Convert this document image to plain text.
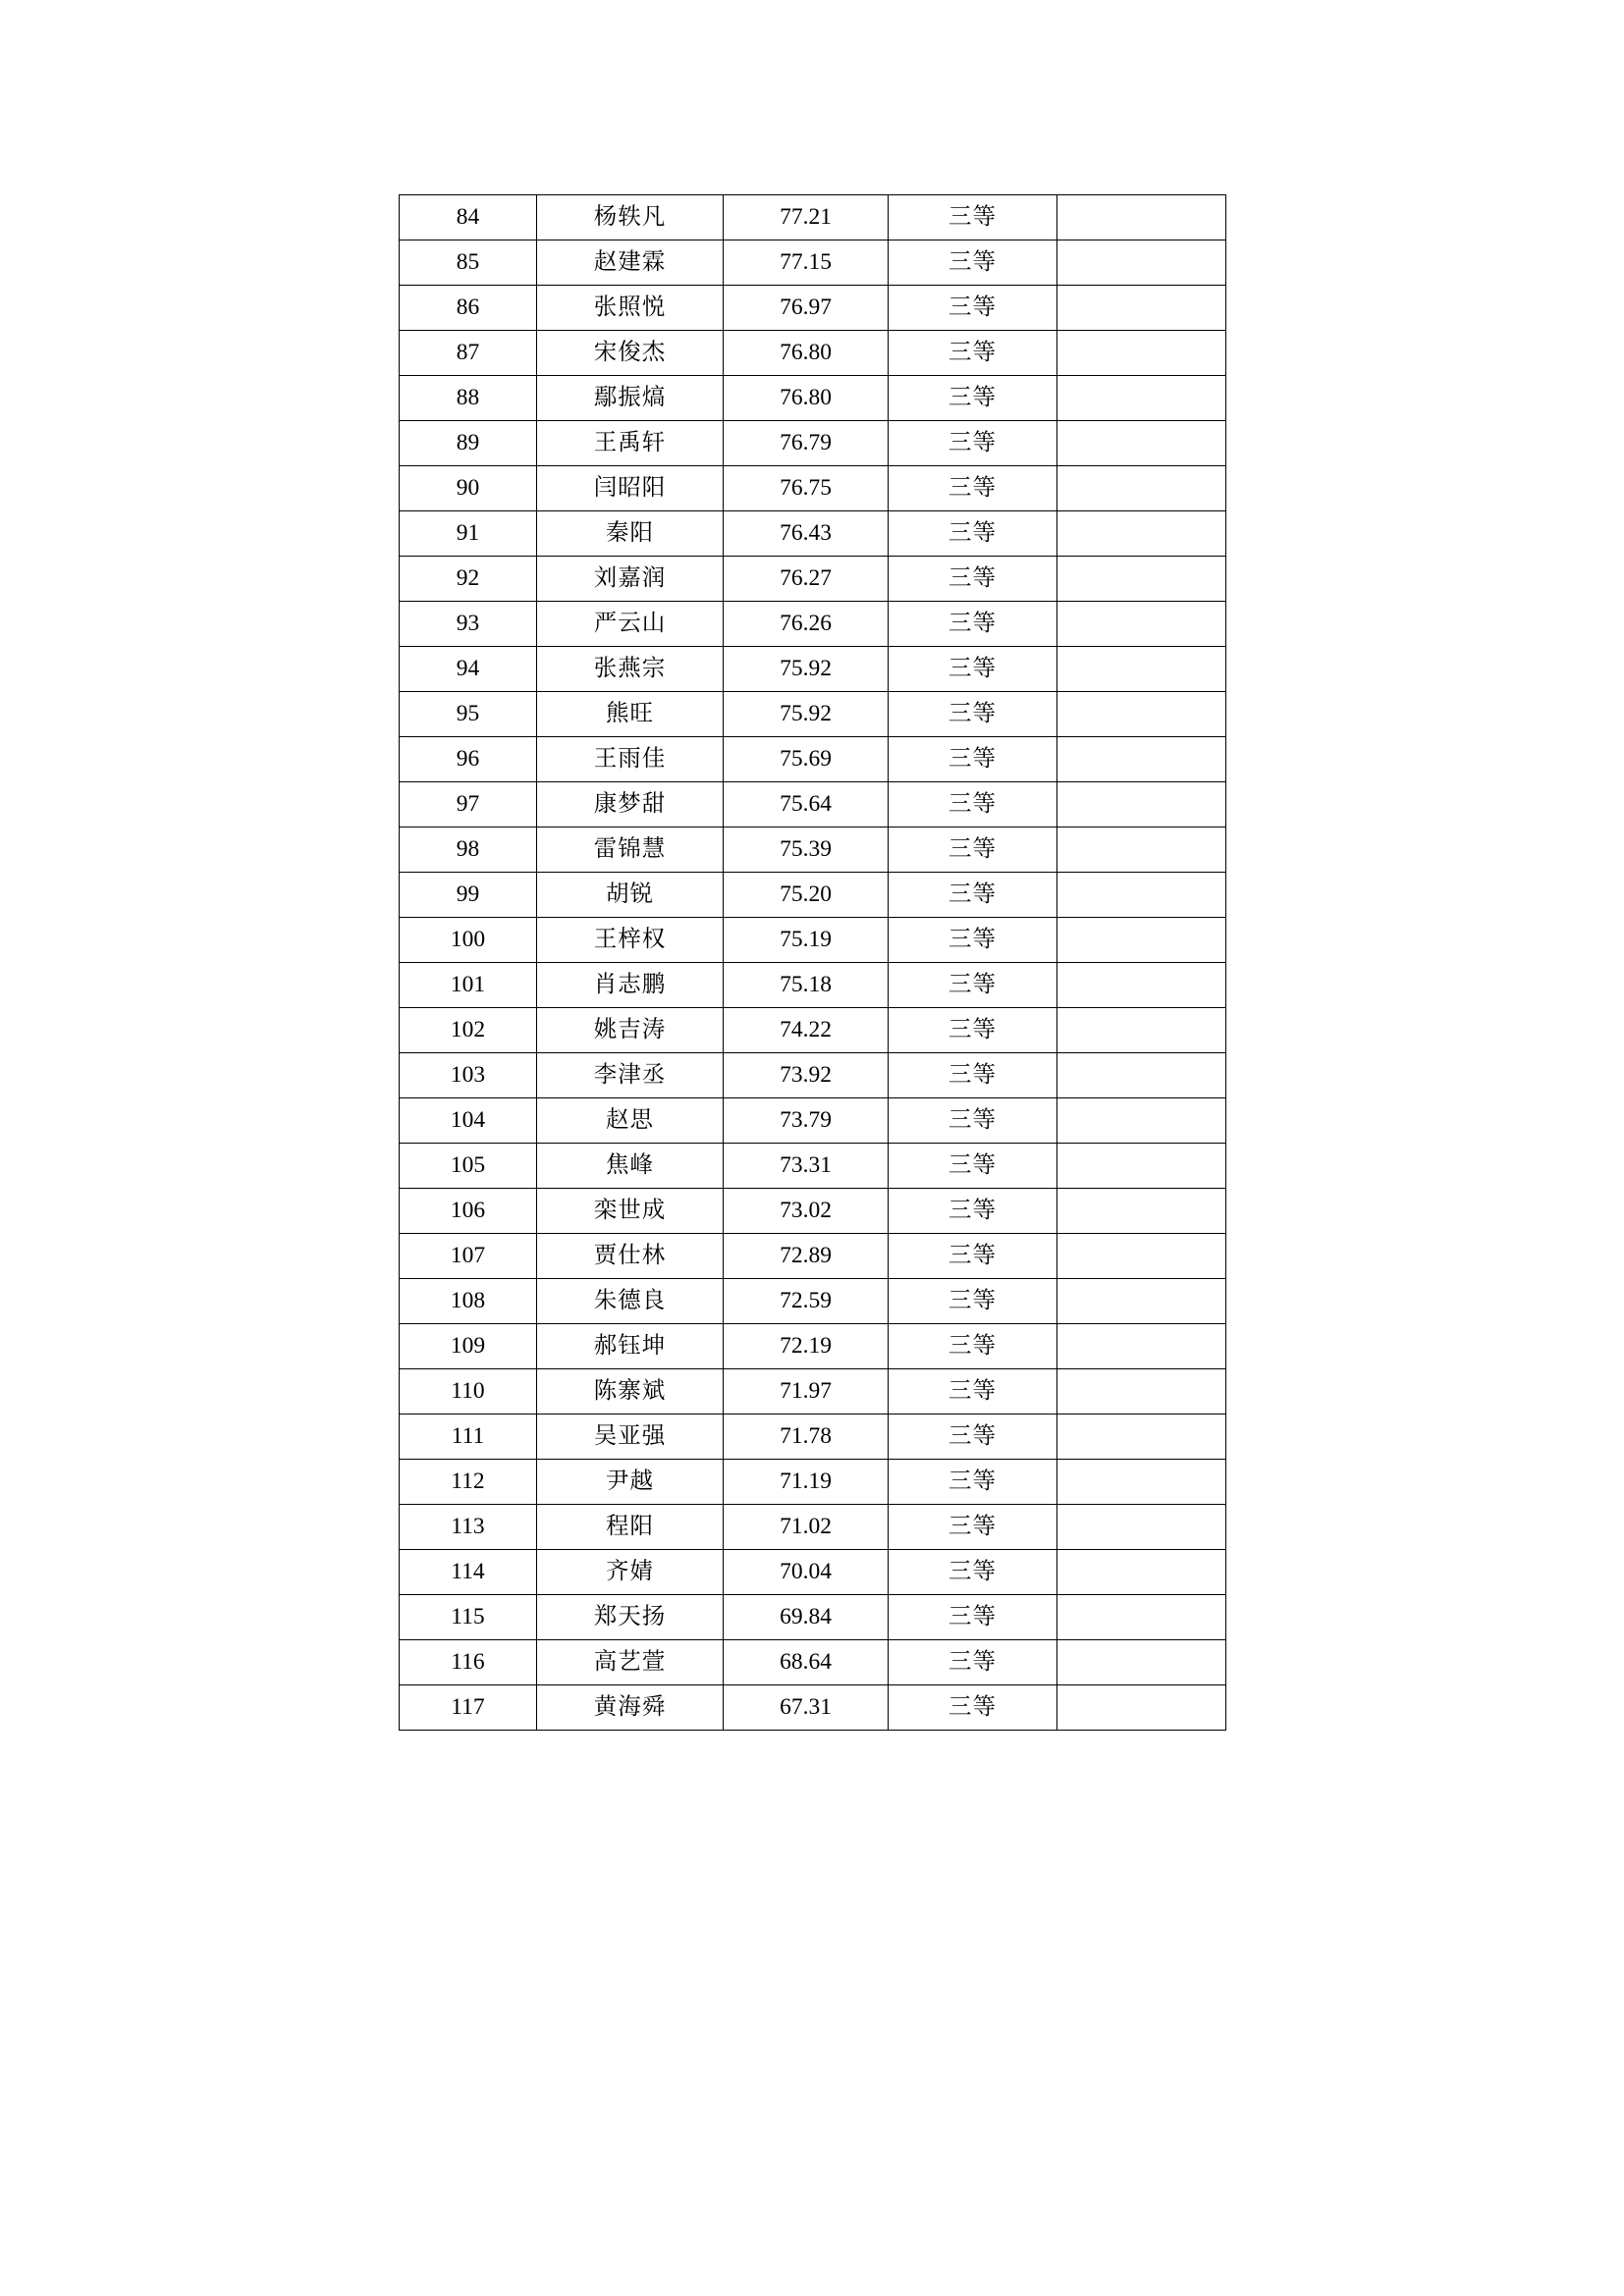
84	杨轶凡	77.21	三等	
85	赵建霖	77.15	三等	
86	张照悦	76.97	三等	
87	宋俊杰	76.80	三等	
88	鄢振熇	76.80	三等	
89	王禹轩	76.79	三等	
90	闫昭阳	76.75	三等	
91	秦阳	76.43	三等	
92	刘嘉润	76.27	三等	
93	严云山	76.26	三等	
94	张燕宗	75.92	三等	
95	熊旺	75.92	三等	
96	王雨佳	75.69	三等	
97	康梦甜	75.64	三等	
98	雷锦慧	75.39	三等	
99	胡锐	75.20	三等	
100	王梓权	75.19	三等	
101	肖志鹏	75.18	三等	
102	姚吉涛	74.22	三等	
103	李津丞	73.92	三等	
104	赵思	73.79	三等	
105	焦峰	73.31	三等	
106	栾世成	73.02	三等	
107	贾仕林	72.89	三等	
108	朱德良	72.59	三等	
109	郝钰坤	72.19	三等	
110	陈寨斌	71.97	三等	
111	吴亚强	71.78	三等	
112	尹越	71.19	三等	
113	程阳	71.02	三等	
114	齐婧	70.04	三等	
115	郑天扬	69.84	三等	
116	高艺萱	68.64	三等	
117	黄海舜	67.31	三等	
